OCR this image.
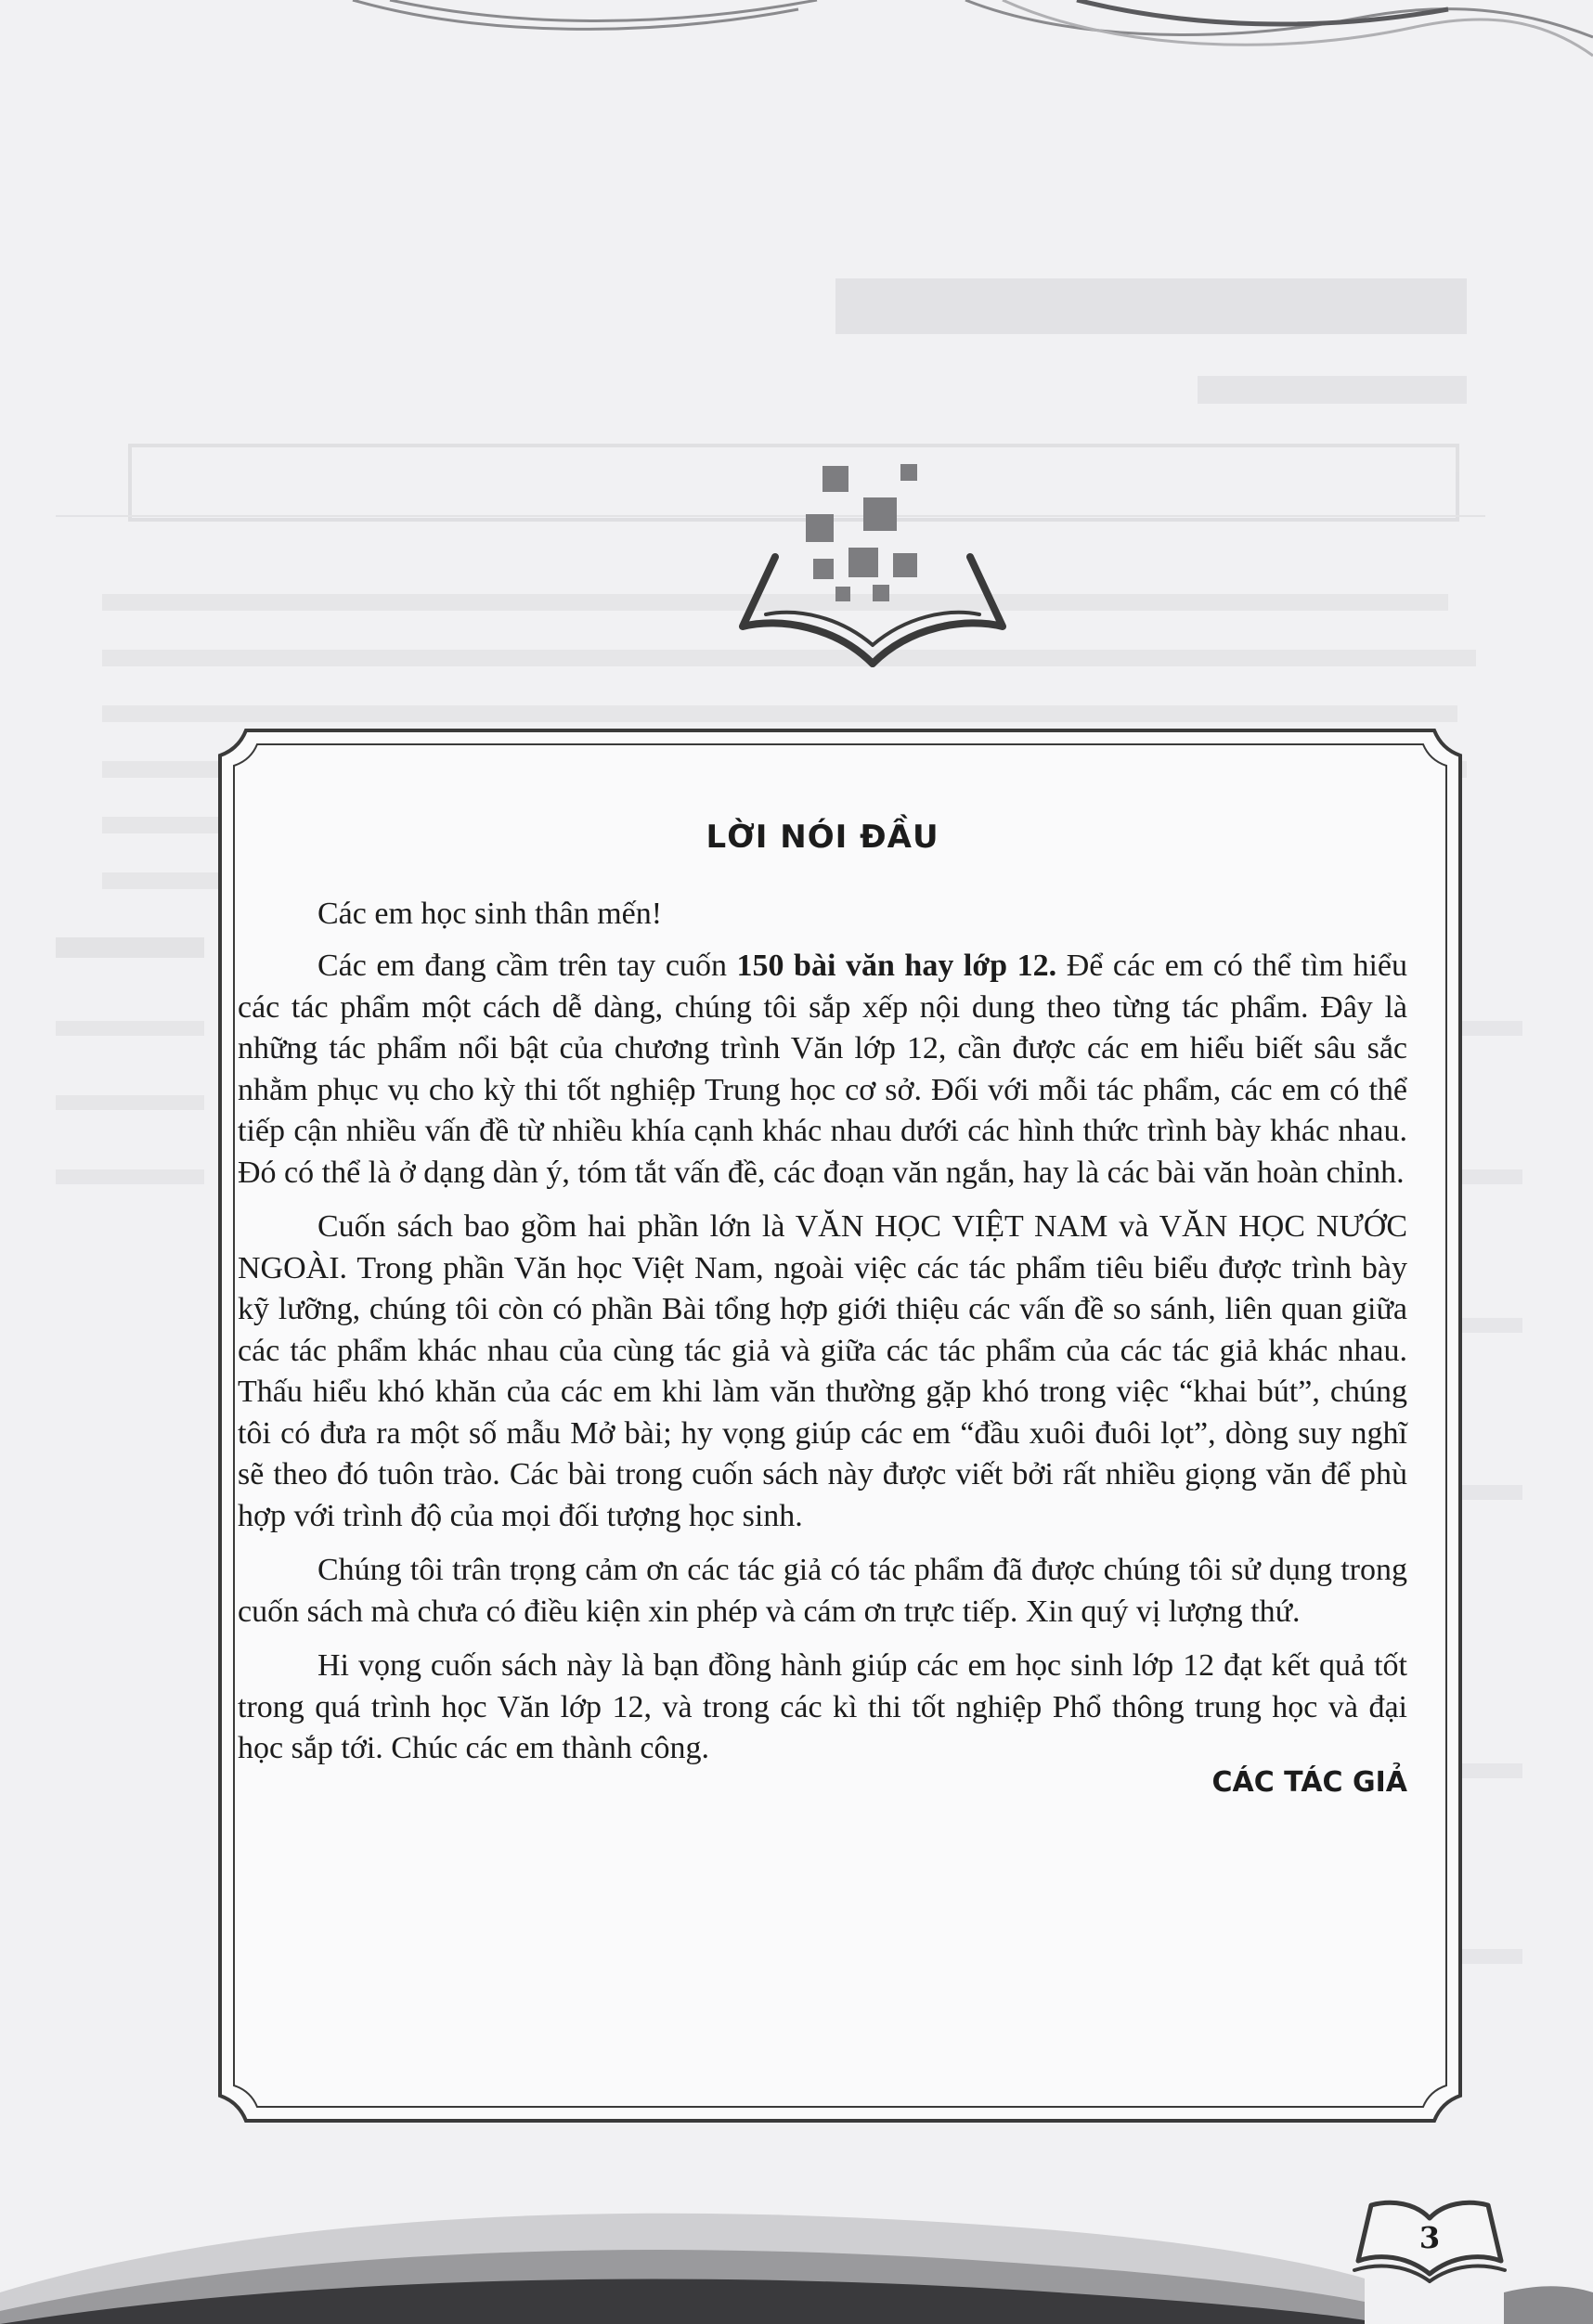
LỜI NÓI ĐẦU

Các em học sinh thân mến!

Các em đang cầm trên tay cuốn 150 bài văn hay lớp 12. Để các em có thể tìm hiểu các tác phẩm một cách dễ dàng, chúng tôi sắp xếp nội dung theo từng tác phẩm. Đây là những tác phẩm nổi bật của chương trình Văn lớp 12, cần được các em hiểu biết sâu sắc nhằm phục vụ cho kỳ thi tốt nghiệp Trung học cơ sở. Đối với mỗi tác phẩm, các em có thể tiếp cận nhiều vấn đề từ nhiều khía cạnh khác nhau dưới các hình thức trình bày khác nhau. Đó có thể là ở dạng dàn ý, tóm tắt vấn đề, các đoạn văn ngắn, hay là các bài văn hoàn chỉnh.

Cuốn sách bao gồm hai phần lớn là VĂN HỌC VIỆT NAM và VĂN HỌC NƯỚC NGOÀI. Trong phần Văn học Việt Nam, ngoài việc các tác phẩm tiêu biểu được trình bày kỹ lưỡng, chúng tôi còn có phần Bài tổng hợp giới thiệu các vấn đề so sánh, liên quan giữa các tác phẩm khác nhau của cùng tác giả và giữa các tác phẩm của các tác giả khác nhau. Thấu hiểu khó khăn của các em khi làm văn thường gặp khó trong việc “khai bút”, chúng tôi có đưa ra một số mẫu Mở bài; hy vọng giúp các em “đầu xuôi đuôi lọt”, dòng suy nghĩ sẽ theo đó tuôn trào. Các bài trong cuốn sách này được viết bởi rất nhiều giọng văn để phù hợp với trình độ của mọi đối tượng học sinh.

Chúng tôi trân trọng cảm ơn các tác giả có tác phẩm đã được chúng tôi sử dụng trong cuốn sách mà chưa có điều kiện xin phép và cám ơn trực tiếp. Xin quý vị lượng thứ.

Hi vọng cuốn sách này là bạn đồng hành giúp các em học sinh lớp 12 đạt kết quả tốt trong quá trình học Văn lớp 12, và trong các kì thi tốt nghiệp Phổ thông trung học và đại học sắp tới. Chúc các em thành công.

CÁC TÁC GIẢ
3
